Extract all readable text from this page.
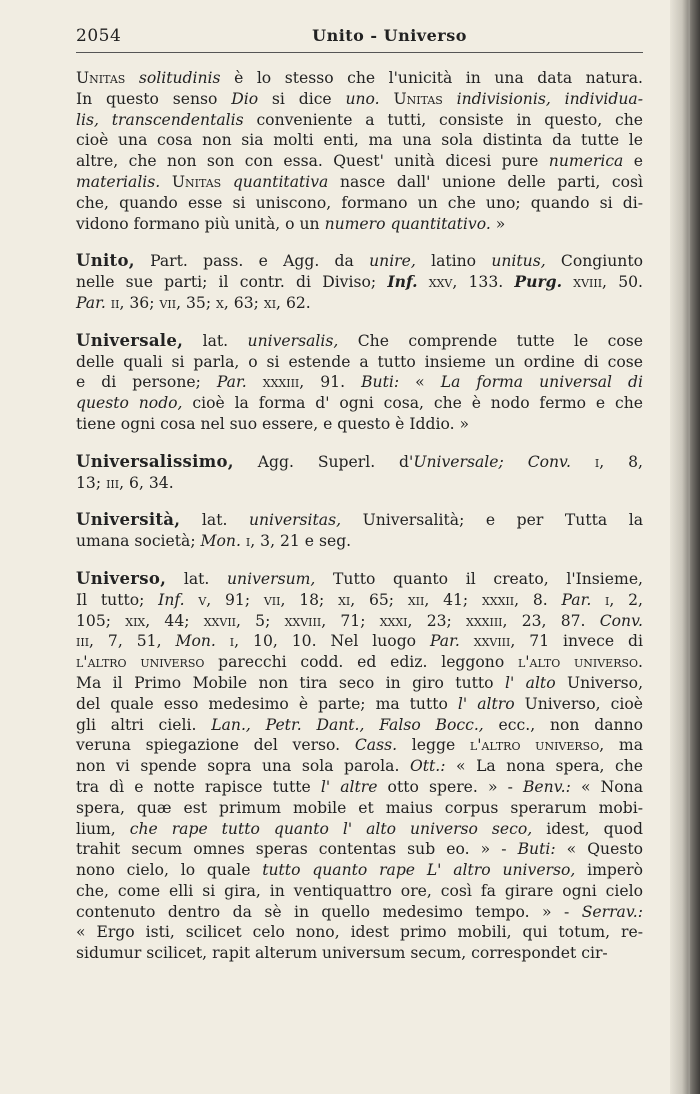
2054	Unito - Universo
Unitas solitudinis è lo stesso che l'unicità in una data natura.
In questo senso Dio si dice uno. Unitas indivisionis, individua-
lis, transcendentalis conveniente a tutti, consiste in questo, che
cioè una cosa non sia molti enti, ma una sola distinta da tutte le
altre, che non son con essa. Quest' unità dicesi pure numerica e
materialis. Unitas quantitativa nasce dall' unione delle parti, così
che, quando esse si uniscono, formano un che uno; quando si di-
vidono formano più unità, o un numero quantitativo. »
Unito, Part. pass. e Agg. da unire, latino unitus, Congiunto
nelle sue parti; il contr. di Diviso; Inf. xxv, 133. Purg. xviii, 50.
Par. ii, 36; vii, 35; x, 63; xi, 62.
Universale, lat. universalis, Che comprende tutte le cose
delle quali si parla, o si estende a tutto insieme un ordine di cose
e di persone; Par. xxxiii, 91. Buti: « La forma universal di
questo nodo, cioè la forma d' ogni cosa, che è nodo fermo e che
tiene ogni cosa nel suo essere, e questo è Iddio. »
Universalissimo, Agg. Superl. d'Universale; Conv. i, 8,
13; iii, 6, 34.
Università, lat. universitas, Universalità; e per Tutta la
umana società; Mon. i, 3, 21 e seg.
Universo, lat. universum, Tutto quanto il creato, l'Insieme,
Il tutto; Inf. v, 91; vii, 18; xi, 65; xii, 41; xxxii, 8. Par. i, 2,
105; xix, 44; xxvii, 5; xxviii, 71; xxxi, 23; xxxiii, 23, 87. Conv.
iii, 7, 51, Mon. i, 10, 10. Nel luogo Par. xxviii, 71 invece di
l'altro universo parecchi codd. ed ediz. leggono l'alto universo.
Ma il Primo Mobile non tira seco in giro tutto l' alto Universo,
del quale esso medesimo è parte; ma tutto l' altro Universo, cioè
gli altri cieli. Lan., Petr. Dant., Falso Bocc., ecc., non danno
veruna spiegazione del verso. Cass. legge l'altro universo, ma
non vi spende sopra una sola parola. Ott.: « La nona spera, che
tra dì e notte rapisce tutte l' altre otto spere. » - Benv.: « Nona
spera, quæ est primum mobile et maius corpus sperarum mobi-
lium, che rape tutto quanto l' alto universo seco, idest, quod
trahit secum omnes speras contentas sub eo. » - Buti: « Questo
nono cielo, lo quale tutto quanto rape L' altro universo, imperò
che, come elli si gira, in ventiquattro ore, così fa girare ogni cielo
contenuto dentro da sè in quello medesimo tempo. » - Serrav.:
« Ergo isti, scilicet celo nono, idest primo mobili, qui totum, re-
sidumur scilicet, rapit alterum universum secum, correspondet cir-
